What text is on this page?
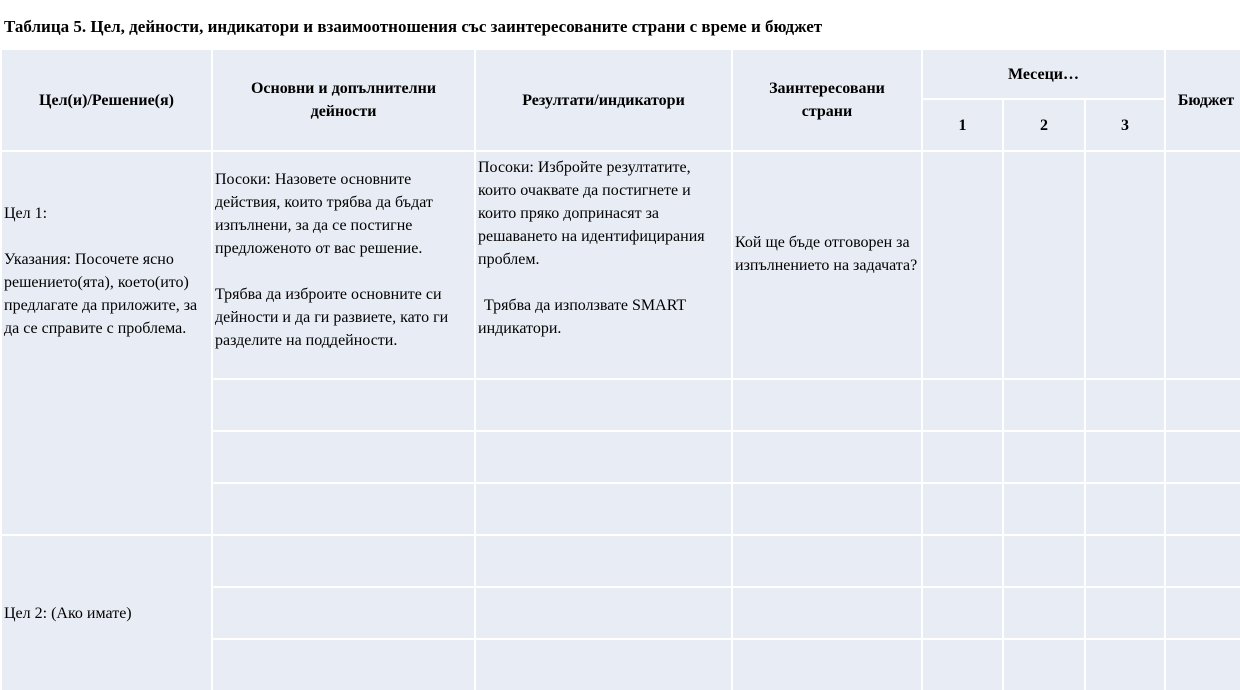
Таблица 5. Цел, дейности, индикатори и взаимоотношения със заинтересованите страни с време и бюджет
Цел(и)/Решение(я)
Основни и допълнителни дейности
Резултати/индикатори
Заинтересовани страни
Месеци…
1	2	3
Бюджет
Цел 1:
Указания: Посочете ясно решението(ята), което(ито) предлагате да приложите, за да се справите с проблема.
Посоки: Назовете основните действия, които трябва да бъдат изпълнени, за да се постигне предложеното от вас решение.
Трябва да изброите основните си дейности и да ги развиете, като ги разделите на поддейности.
Посоки: Избройте резултатите, които очаквате да постигнете и които пряко допринасят за решаването на идентифицирания проблем.
Трябва да използвате SMART индикатори.
Кой ще бъде отговорен за изпълнението на задачата?
Цел 2: (Ако имате)
